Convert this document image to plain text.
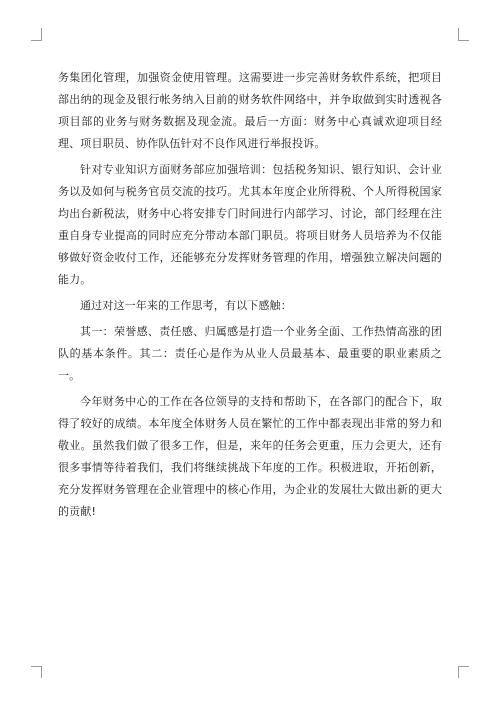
务集团化管理，加强资金使用管理。这需要进一步完善财务软件系统，把项目部出纳的现金及银行帐务纳入目前的财务软件网络中，并争取做到实时透视各项目部的业务与财务数据及现金流。最后一方面：财务中心真诚欢迎项目经理、项目职员、协作队伍针对不良作风进行举报投诉。

针对专业知识方面财务部应加强培训：包括税务知识、银行知识、会计业务以及如何与税务官员交流的技巧。尤其本年度企业所得税、个人所得税国家均出台新税法，财务中心将安排专门时间进行内部学习、讨论，部门经理在注重自身专业提高的同时应充分带动本部门职员。将项目财务人员培养为不仅能够做好资金收付工作，还能够充分发挥财务管理的作用，增强独立解决问题的能力。

通过对这一年来的工作思考，有以下感触：

其一：荣誉感、责任感、归属感是打造一个业务全面、工作热情高涨的团队的基本条件。其二：责任心是作为从业人员最基本、最重要的职业素质之一。

今年财务中心的工作在各位领导的支持和帮助下，在各部门的配合下，取得了较好的成绩。本年度全体财务人员在繁忙的工作中都表现出非常的努力和敬业。虽然我们做了很多工作，但是，来年的任务会更重，压力会更大，还有很多事情等待着我们，我们将继续挑战下年度的工作。积极进取，开拓创新，充分发挥财务管理在企业管理中的核心作用，为企业的发展壮大做出新的更大的贡献!
